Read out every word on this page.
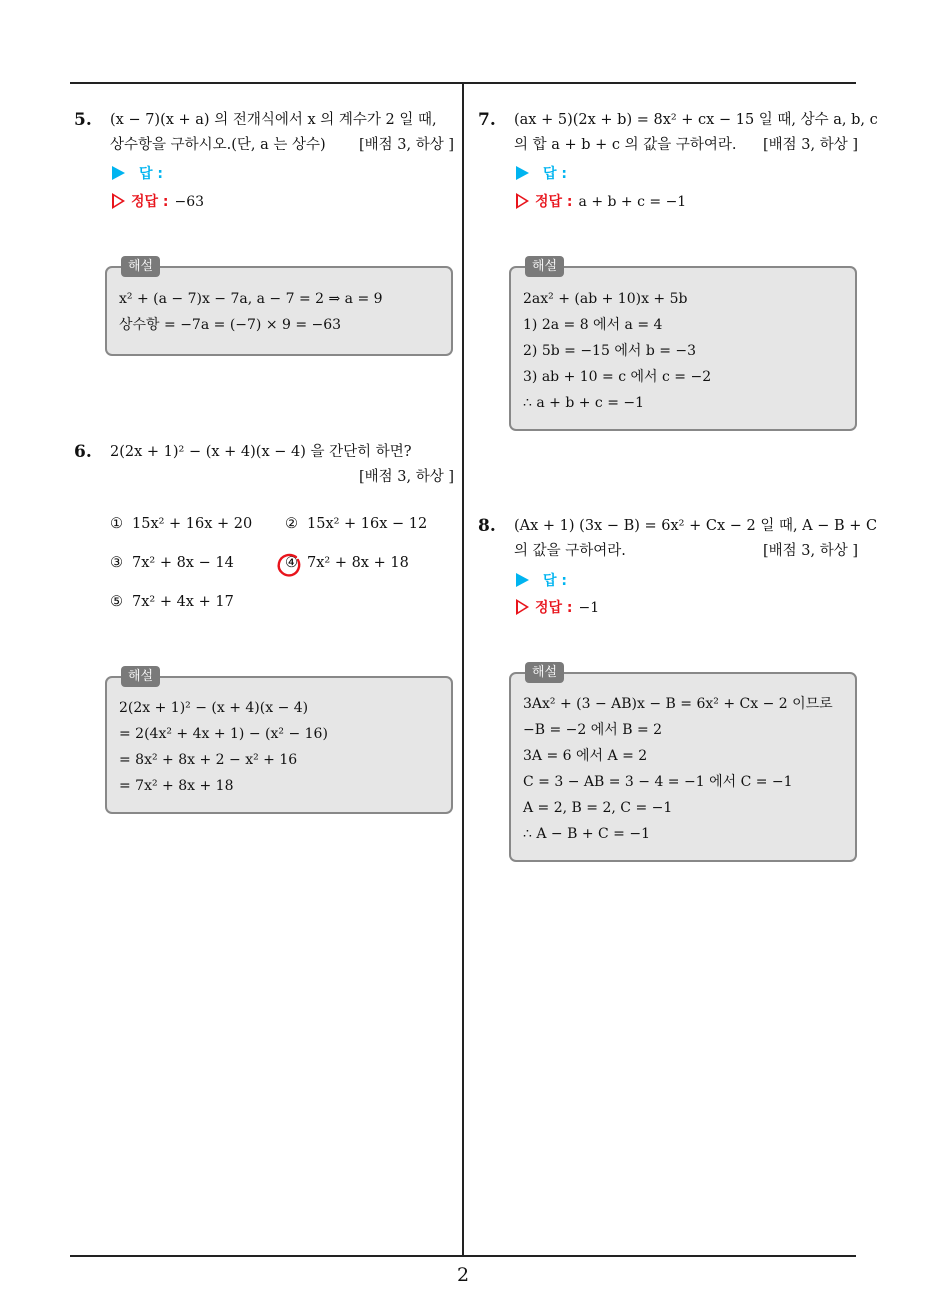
5. (x − 7)(x + a) 의 전개식에서 x 의 계수가 2 일 때,
상수항을 구하시오.(단, a 는 상수) [배점 3, 하상 ]
답 :
정답 : −63
해설
x² + (a − 7)x − 7a, a − 7 = 2 ⇒ a = 9
상수항 = −7a = (−7) × 9 = −63
6. 2(2x + 1)² − (x + 4)(x − 4) 을 간단히 하면?
[배점 3, 하상 ]
① 15x² + 16x + 20 ② 15x² + 16x − 12
③ 7x² + 8x − 14	④ 7x² + 8x + 18
⑤ 7x² + 4x + 17
해설
2(2x + 1)² − (x + 4)(x − 4)
= 2(4x² + 4x + 1) − (x² − 16)
= 8x² + 8x + 2 − x² + 16
= 7x² + 8x + 18
7. (ax + 5)(2x + b) = 8x² + cx − 15 일 때, 상수 a, b, c
의 합 a + b + c 의 값을 구하여라. [배점 3, 하상 ]
답 :
정답 : a + b + c = −1
해설
2ax² + (ab + 10)x + 5b
1) 2a = 8 에서 a = 4
2) 5b = −15 에서 b = −3
3) ab + 10 = c 에서 c = −2
∴ a + b + c = −1
8. (Ax + 1) (3x − B) = 6x² + Cx − 2 일 때, A − B + C
의 값을 구하여라.	[배점 3, 하상 ]
답 :
정답 : −1
해설
3Ax² + (3 − AB)x − B = 6x² + Cx − 2 이므로
−B = −2 에서 B = 2
3A = 6 에서 A = 2
C = 3 − AB = 3 − 4 = −1 에서 C = −1
A = 2, B = 2, C = −1
∴ A − B + C = −1
2
